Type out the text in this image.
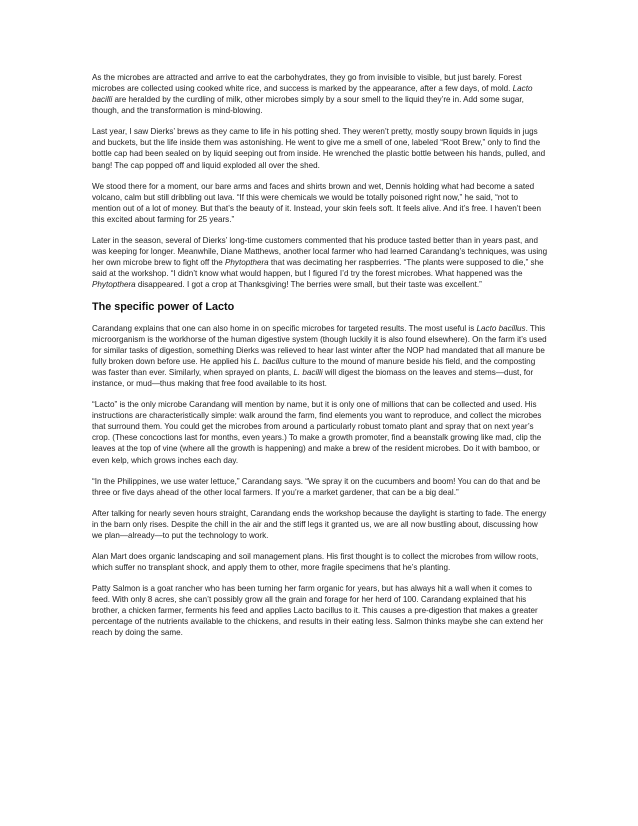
As the microbes are attracted and arrive to eat the carbohydrates, they go from invisible to visible, but just barely. Forest microbes are collected using cooked white rice, and success is marked by the appearance, after a few days, of mold. Lacto bacilli are heralded by the curdling of milk, other microbes simply by a sour smell to the liquid they’re in. Add some sugar, though, and the transformation is mind-blowing.

Last year, I saw Dierks’ brews as they came to life in his potting shed. They weren’t pretty, mostly soupy brown liquids in jugs and buckets, but the life inside them was astonishing. He went to give me a smell of one, labeled “Root Brew,” only to find the bottle cap had been sealed on by liquid seeping out from inside. He wrenched the plastic bottle between his hands, pulled, and bang! The cap popped off and liquid exploded all over the shed.

We stood there for a moment, our bare arms and faces and shirts brown and wet, Dennis holding what had become a sated volcano, calm but still dribbling out lava. “If this were chemicals we would be totally poisoned right now,” he said, “not to mention out of a lot of money. But that’s the beauty of it. Instead, your skin feels soft. It feels alive. And it’s free. I haven’t been this excited about farming for 25 years.”

Later in the season, several of Dierks’ long-time customers commented that his produce tasted better than in years past, and was keeping for longer. Meanwhile, Diane Matthews, another local farmer who had learned Carandang’s techniques, was using her own microbe brew to fight off the Phytopthera that was decimating her raspberries. “The plants were supposed to die,” she said at the workshop. “I didn’t know what would happen, but I figured I’d try the forest microbes. What happened was the Phytopthera disappeared. I got a crop at Thanksgiving! The berries were small, but their taste was excellent.”

The specific power of Lacto

Carandang explains that one can also home in on specific microbes for targeted results. The most useful is Lacto bacillus. This microorganism is the workhorse of the human digestive system (though luckily it is also found elsewhere). On the farm it’s used for similar tasks of digestion, something Dierks was relieved to hear last winter after the NOP had mandated that all manure be fully broken down before use. He applied his L. bacillus culture to the mound of manure beside his field, and the composting was faster than ever. Similarly, when sprayed on plants, L. bacilli will digest the biomass on the leaves and stems—dust, for instance, or mud—thus making that free food available to its host.

“Lacto” is the only microbe Carandang will mention by name, but it is only one of millions that can be collected and used. His instructions are characteristically simple: walk around the farm, find elements you want to reproduce, and collect the microbes that surround them. You could get the microbes from around a particularly robust tomato plant and spray that on next year’s crop. (These concoctions last for months, even years.) To make a growth promoter, find a beanstalk growing like mad, clip the leaves at the top of vine (where all the growth is happening) and make a brew of the resident microbes. Do it with bamboo, or even kelp, which grows inches each day.

“In the Philippines, we use water lettuce,” Carandang says. “We spray it on the cucumbers and boom! You can do that and be three or five days ahead of the other local farmers. If you’re a market gardener, that can be a big deal.”

After talking for nearly seven hours straight, Carandang ends the workshop because the daylight is starting to fade. The energy in the barn only rises. Despite the chill in the air and the stiff legs it granted us, we are all now bustling about, discussing how we plan—already—to put the technology to work.

Alan Mart does organic landscaping and soil management plans. His first thought is to collect the microbes from willow roots, which suffer no transplant shock, and apply them to other, more fragile specimens that he’s planting.

Patty Salmon is a goat rancher who has been turning her farm organic for years, but has always hit a wall when it comes to feed. With only 8 acres, she can’t possibly grow all the grain and forage for her herd of 100. Carandang explained that his brother, a chicken farmer, ferments his feed and applies Lacto bacillus to it. This causes a pre-digestion that makes a greater percentage of the nutrients available to the chickens, and results in their eating less. Salmon thinks maybe she can extend her reach by doing the same.
